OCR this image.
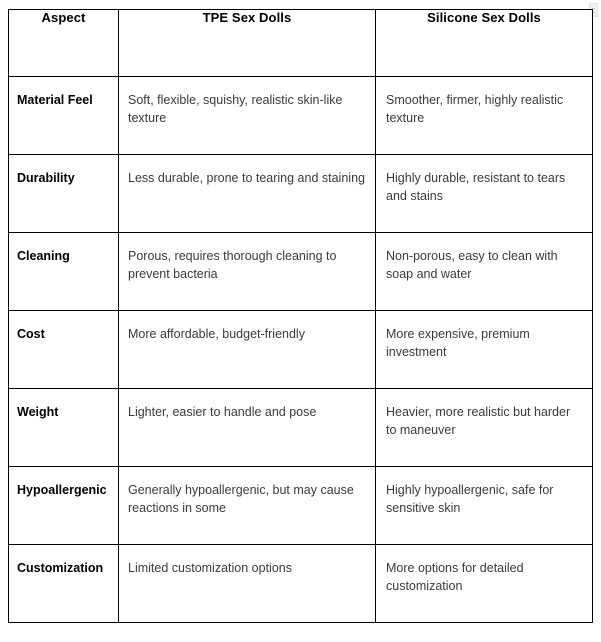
Aspect	TPE Sex Dolls	Silicone Sex Dolls
Material Feel	Soft, flexible, squishy, realistic skin-like texture	Smoother, firmer, highly realistic texture
Durability	Less durable, prone to tearing and staining	Highly durable, resistant to tears and stains
Cleaning	Porous, requires thorough cleaning to prevent bacteria	Non-porous, easy to clean with soap and water
Cost	More affordable, budget-friendly	More expensive, premium investment
Weight	Lighter, easier to handle and pose	Heavier, more realistic but harder to maneuver
Hypoallergenic	Generally hypoallergenic, but may cause reactions in some	Highly hypoallergenic, safe for sensitive skin
Customization	Limited customization options	More options for detailed customization
